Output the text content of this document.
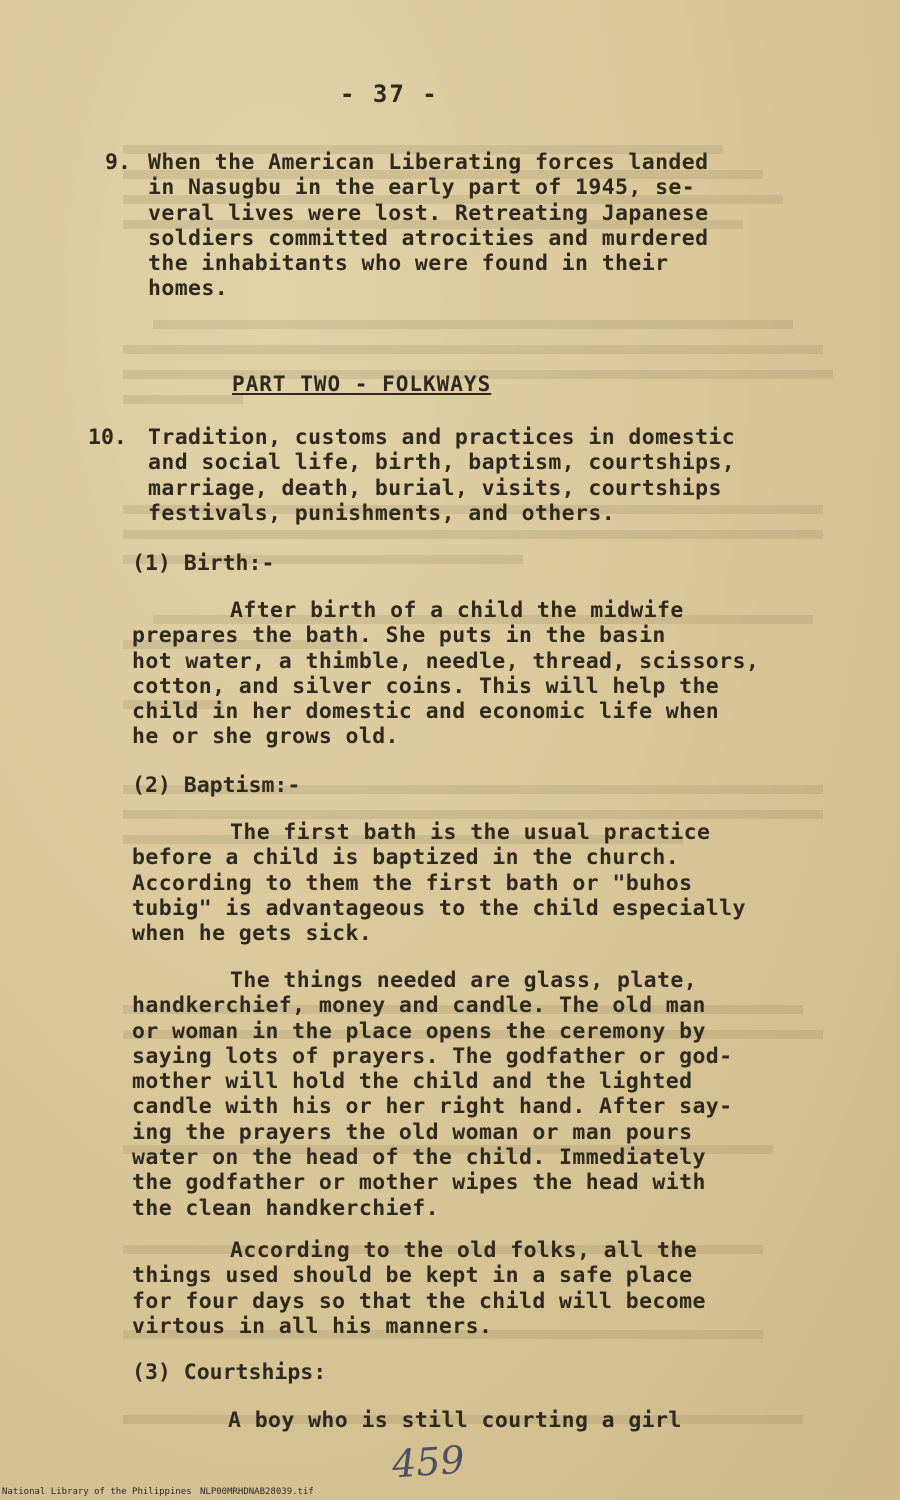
- 37 -
9. When the American Liberating forces landed
in Nasugbu in the early part of 1945, se-
veral lives were lost. Retreating Japanese
soldiers committed atrocities and murdered
the inhabitants who were found in their
homes.
PART TWO - FOLKWAYS
10. Tradition, customs and practices in domestic
and social life, birth, baptism, courtships,
marriage, death, burial, visits, courtships
festivals, punishments, and others.
(1) Birth:-
After birth of a child the midwife
prepares the bath. She puts in the basin
hot water, a thimble, needle, thread, scissors,
cotton, and silver coins. This will help the
child in her domestic and economic life when
he or she grows old.
(2) Baptism:-
The first bath is the usual practice
before a child is baptized in the church.
According to them the first bath or "buhos
tubig" is advantageous to the child especially
when he gets sick.
The things needed are glass, plate,
handkerchief, money and candle. The old man
or woman in the place opens the ceremony by
saying lots of prayers. The godfather or god-
mother will hold the child and the lighted
candle with his or her right hand. After say-
ing the prayers the old woman or man pours
water on the head of the child. Immediately
the godfather or mother wipes the head with
the clean handkerchief.
According to the old folks, all the
things used should be kept in a safe place
for four days so that the child will become
virtous in all his manners.
(3) Courtships:
A boy who is still courting a girl
459
National Library of the Philippines NLP00MRHDNAB28039.tif
